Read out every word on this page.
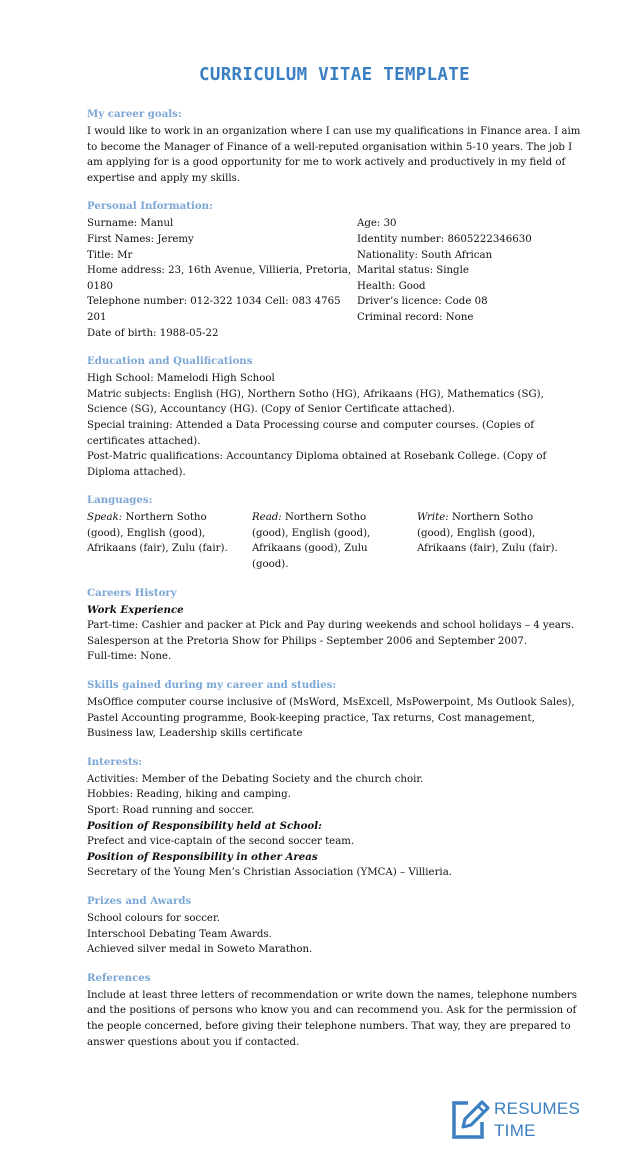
CURRICULUM VITAE TEMPLATE
My career goals:

I would like to work in an organization where I can use my qualifications in Finance area. I aim to become the Manager of Finance of a well-reputed organisation within 5-10 years. The job I am applying for is a good opportunity for me to work actively and productively in my field of expertise and apply my skills.

Personal Information:

Surname: Manul

First Names: Jeremy

Title: Mr

Home address: 23, 16th Avenue, Villieria, Pretoria, 0180

Telephone number: 012-322 1034 Cell: 083 4765 201

Date of birth: 1988-05-22

Age: 30

Identity number: 8605222346630

Nationality: South African

Marital status: Single

Health: Good

Driver’s licence: Code 08

Criminal record: None

Education and Qualifications

High School: Mamelodi High School

Matric subjects: English (HG), Northern Sotho (HG), Afrikaans (HG), Mathematics (SG), Science (SG), Accountancy (HG). (Copy of Senior Certificate attached).

Special training: Attended a Data Processing course and computer courses. (Copies of certificates attached).

Post-Matric qualifications: Accountancy Diploma obtained at Rosebank College. (Copy of Diploma attached).

Languages:

Speak: Northern Sotho (good), English (good), Afrikaans (fair), Zulu (fair).

Read: Northern Sotho (good), English (good), Afrikaans (good), Zulu (good).

Write: Northern Sotho (good), English (good), Afrikaans (fair), Zulu (fair).

Careers History

Work Experience

Part-time: Cashier and packer at Pick and Pay during weekends and school holidays – 4 years.

Salesperson at the Pretoria Show for Philips - September 2006 and September 2007.

Full-time: None.

Skills gained during my career and studies:

MsOffice computer course inclusive of (MsWord, MsExcell, MsPowerpoint, Ms Outlook Sales), Pastel Accounting programme, Book-keeping practice, Tax returns, Cost management, Business law, Leadership skills certificate

Interests:

Activities: Member of the Debating Society and the church choir.

Hobbies: Reading, hiking and camping.

Sport: Road running and soccer.

Position of Responsibility held at School:

Prefect and vice-captain of the second soccer team.

Position of Responsibility in other Areas

Secretary of the Young Men’s Christian Association (YMCA) – Villieria.

Prizes and Awards

School colours for soccer.

Interschool Debating Team Awards.

Achieved silver medal in Soweto Marathon.

References

Include at least three letters of recommendation or write down the names, telephone numbers and the positions of persons who know you and can recommend you. Ask for the permission of the people concerned, before giving their telephone numbers. That way, they are prepared to answer questions about you if contacted.

RESUMES
TIME
